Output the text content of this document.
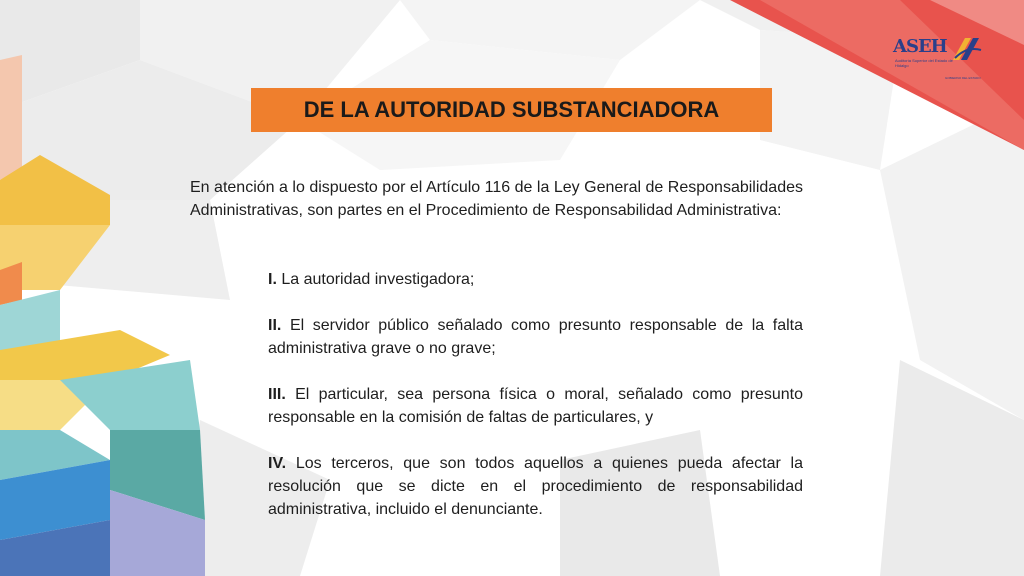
ASEH
Auditoría Superior del Estado de Hidalgo
GOBIERNO DEL ESTADO
DE LA AUTORIDAD SUBSTANCIADORA

En atención a lo dispuesto por el Artículo 116 de la Ley General de Responsabilidades Administrativas, son partes en el Procedimiento de Responsabilidad Administrativa:

I. La autoridad investigadora;

II. El servidor público señalado como presunto responsable de la falta administrativa grave o no grave;

III. El particular, sea persona física o moral, señalado como presunto responsable en la comisión de faltas de particulares, y

IV. Los terceros, que son todos aquellos a quienes pueda afectar la resolución que se dicte en el procedimiento de responsabilidad administrativa, incluido el denunciante.
